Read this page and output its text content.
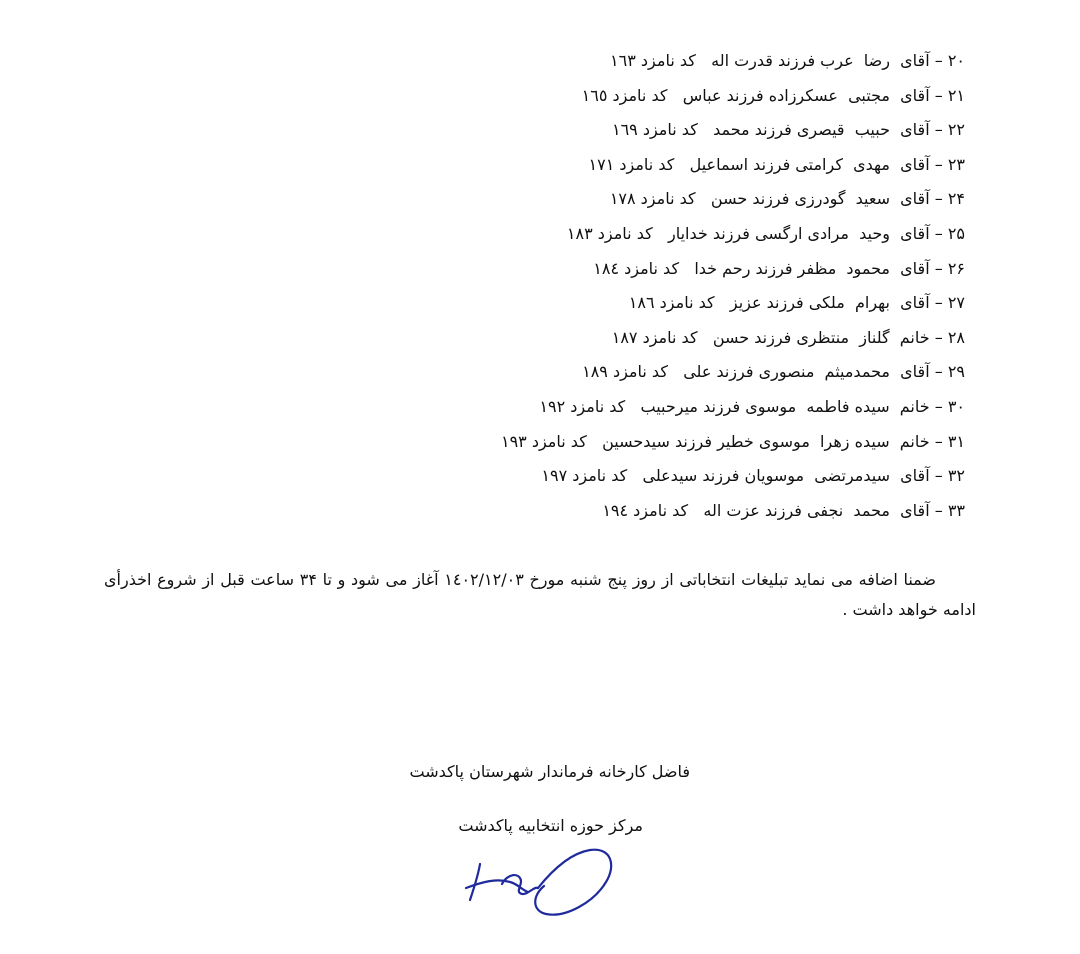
٢٠ – آقای  رضا  عرب فرزند قدرت اله   کد نامزد ١٦٣
٢١ – آقای  مجتبی  عسکرزاده فرزند عباس   کد نامزد ١٦٥
٢٢ – آقای  حبیب  قیصری فرزند محمد   کد نامزد ١٦٩
٢٣ – آقای  مهدی  کرامتی فرزند اسماعیل   کد نامزد ١٧١
٢۴ – آقای  سعید  گودرزی فرزند حسن   کد نامزد ١٧٨
٢۵ – آقای  وحید  مرادی ارگسی فرزند خدایار   کد نامزد ١٨٣
٢۶ – آقای  محمود  مظفر فرزند رحم خدا   کد نامزد ١٨٤
٢٧ – آقای  بهرام  ملکی فرزند عزیز   کد نامزد ١٨٦
٢٨ – خانم  گلناز  منتظری فرزند حسن   کد نامزد ١٨٧
٢٩ – آقای  محمدمیثم  منصوری فرزند علی   کد نامزد ١٨٩
٣٠ – خانم  سیده فاطمه  موسوی فرزند میرحبیب   کد نامزد ١٩٢
٣١ – خانم  سیده زهرا  موسوی خطیر فرزند سیدحسین   کد نامزد ١٩٣
٣٢ – آقای  سیدمرتضی  موسویان فرزند سیدعلی   کد نامزد ١٩٧
٣٣ – آقای  محمد  نجفی فرزند عزت اله   کد نامزد ١٩٤

ضمنا اضافه می نماید تبلیغات انتخاباتی از روز پنج شنبه مورخ ١٤٠٢/١٢/٠٣ آغاز می شود و تا ٣۴ ساعت قبل از شروع اخذرأی ادامه خواهد داشت .

فاضل کارخانه فرماندار شهرستان پاکدشت
مرکز حوزه انتخابیه پاکدشت
